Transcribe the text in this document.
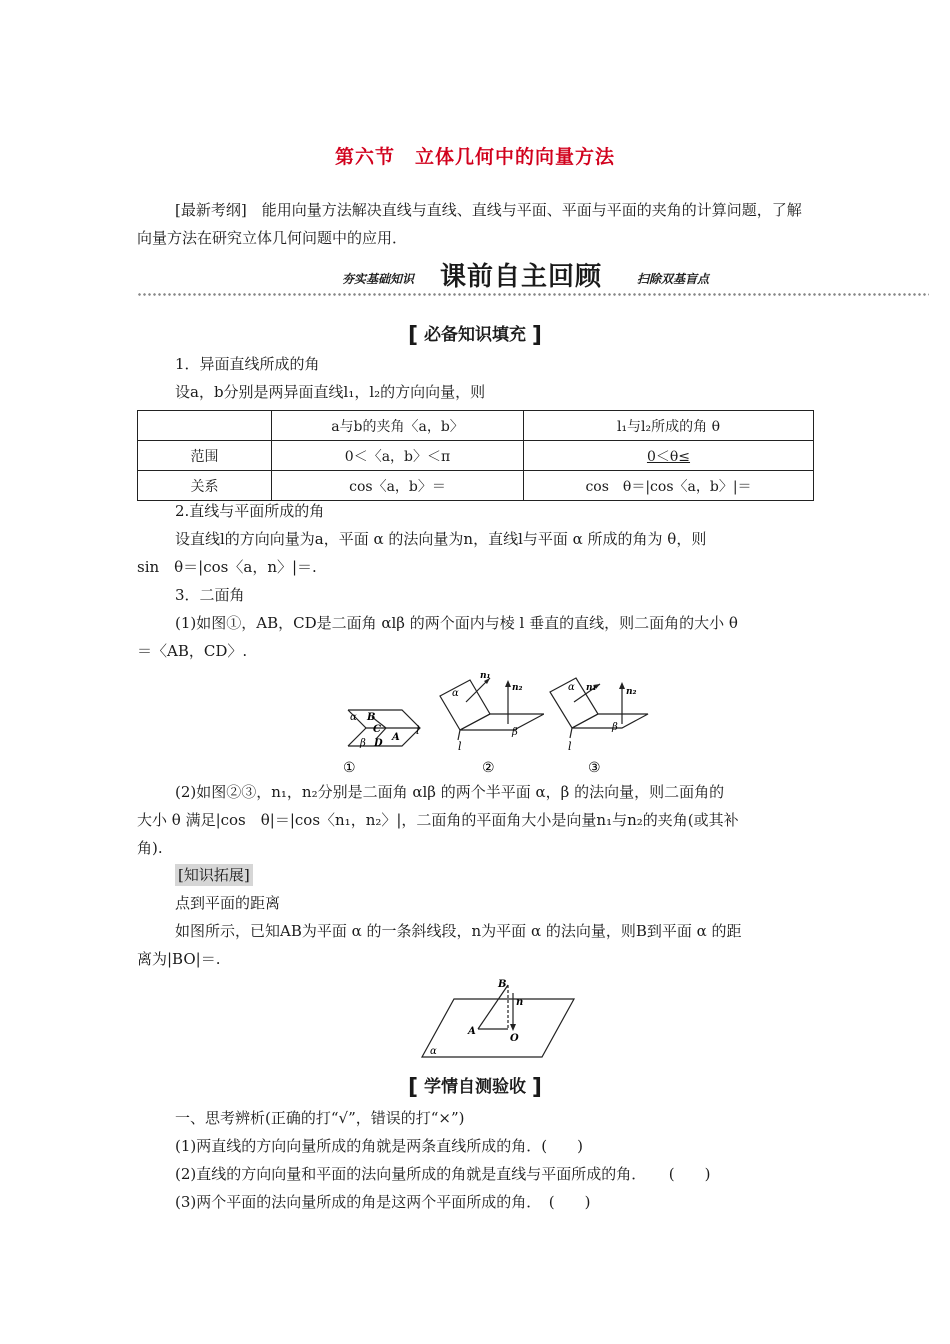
第六节　立体几何中的向量方法
[最新考纲]　能用向量方法解决直线与直线、直线与平面、平面与平面的夹角的计算问题，了解向量方法在研究立体几何问题中的应用．
夯实基础知识 课前自主回顾	扫除双基盲点
[ 必备知识填充 ]
1．异面直线所成的角
设a，b分别是两异面直线l₁，l₂的方向向量，则
	a与b的夹角〈a，b〉	l₁与l₂所成的角 θ
范围	0＜〈a，b〉＜π	0＜θ≤
关系	cos〈a，b〉＝	cos　θ＝|cos〈a，b〉|＝
2.直线与平面所成的角
设直线l的方向向量为a，平面 α 的法向量为n，直线l与平面 α 所成的角为 θ，则
sin　θ＝|cos〈a，n〉|＝.
3．二面角
(1)如图①，AB，CD是二面角 αlβ 的两个面内与棱 l 垂直的直线，则二面角的大小 θ
＝〈AB，CD〉.
α B
C
A
β D
l
①
n₁
n₂
α
β
l
②
α n₁	n₂
β
l
③
(2)如图②③，n₁，n₂分别是二面角 αlβ 的两个半平面 α，β 的法向量，则二面角的
大小 θ 满足|cos　θ|＝|cos〈n₁，n₂〉|，二面角的平面角大小是向量n₁与n₂的夹角(或其补
角).
[知识拓展]
点到平面的距离
如图所示，已知AB为平面 α 的一条斜线段，n为平面 α 的法向量，则B到平面 α 的距
离为|BO|＝.
B
n
A
O
α
[ 学情自测验收 ]
一、思考辨析(正确的打“√”，错误的打“×”)
(1)两直线的方向向量所成的角就是两条直线所成的角．(　　)
(2)直线的方向向量和平面的法向量所成的角就是直线与平面所成的角．　　(　　)
(3)两个平面的法向量所成的角是这两个平面所成的角．　(　　)
